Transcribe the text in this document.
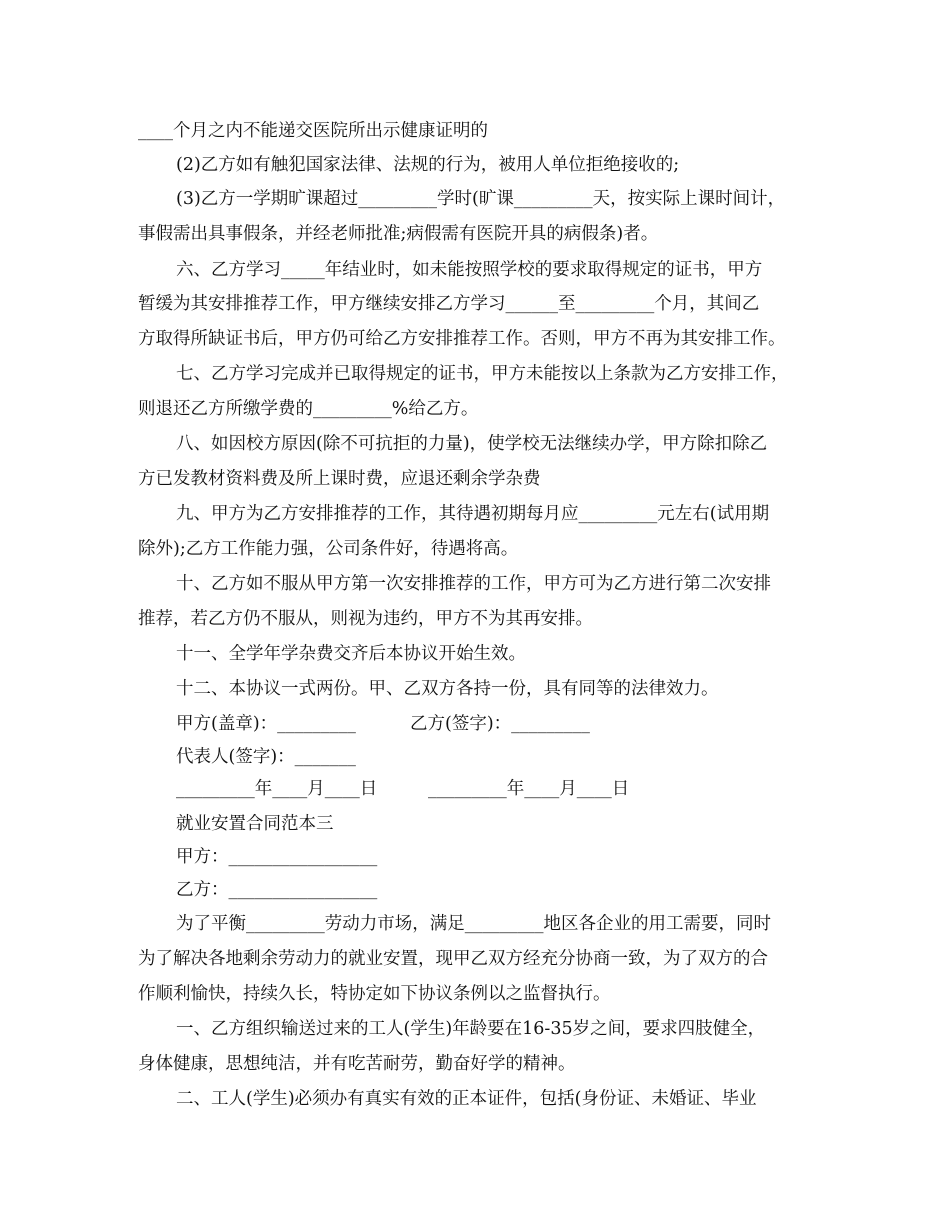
____个月之内不能递交医院所出示健康证明的
(2)乙方如有触犯国家法律、法规的行为，被用人单位拒绝接收的;
(3)乙方一学期旷课超过_________学时(旷课_________天，按实际上课时间计，
事假需出具事假条，并经老师批准;病假需有医院开具的病假条)者。
六、乙方学习_____年结业时，如未能按照学校的要求取得规定的证书，甲方
暂缓为其安排推荐工作，甲方继续安排乙方学习______至_________个月，其间乙
方取得所缺证书后，甲方仍可给乙方安排推荐工作。否则，甲方不再为其安排工作。
七、乙方学习完成并已取得规定的证书，甲方未能按以上条款为乙方安排工作，
则退还乙方所缴学费的_________%给乙方。
八、如因校方原因(除不可抗拒的力量)，使学校无法继续办学，甲方除扣除乙
方已发教材资料费及所上课时费，应退还剩余学杂费
九、甲方为乙方安排推荐的工作，其待遇初期每月应_________元左右(试用期
除外);乙方工作能力强，公司条件好，待遇将高。
十、乙方如不服从甲方第一次安排推荐的工作，甲方可为乙方进行第二次安排
推荐，若乙方仍不服从，则视为违约，甲方不为其再安排。
十一、全学年学杂费交齐后本协议开始生效。
十二、本协议一式两份。甲、乙双方各持一份，具有同等的法律效力。
甲方(盖章)：_________	乙方(签字)：_________
代表人(签字)：_______
_________年____月____日	_________年____月____日
就业安置合同范本三
甲方：_________________
乙方：_________________
为了平衡_________劳动力市场，满足_________地区各企业的用工需要，同时
为了解决各地剩余劳动力的就业安置，现甲乙双方经充分协商一致，为了双方的合
作顺利愉快，持续久长，特协定如下协议条例以之监督执行。
一、乙方组织输送过来的工人(学生)年龄要在16-35岁之间，要求四肢健全，
身体健康，思想纯洁，并有吃苦耐劳，勤奋好学的精神。
二、工人(学生)必须办有真实有效的正本证件，包括(身份证、未婚证、毕业
